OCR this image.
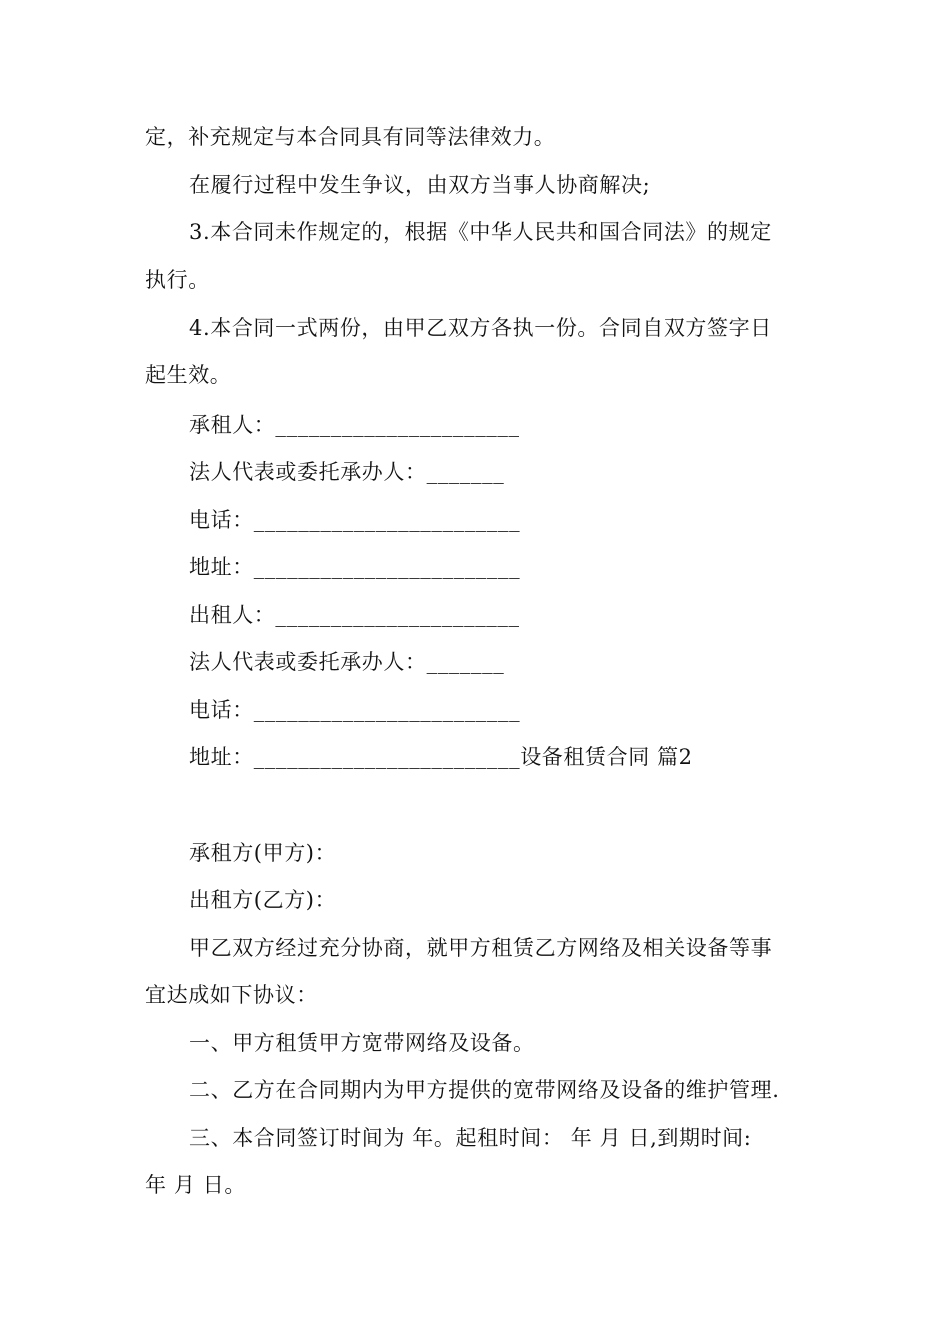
定，补充规定与本合同具有同等法律效力。
在履行过程中发生争议，由双方当事人协商解决;
3.本合同未作规定的，根据《中华人民共和国合同法》的规定
执行。
4.本合同一式两份，由甲乙双方各执一份。合同自双方签字日
起生效。
承租人：______________________
法人代表或委托承办人：_______
电话：________________________
地址：________________________
出租人：______________________
法人代表或委托承办人：_______
电话：________________________
地址：________________________设备租赁合同 篇2
承租方(甲方)：
出租方(乙方)：
甲乙双方经过充分协商，就甲方租赁乙方网络及相关设备等事
宜达成如下协议：
一、甲方租赁甲方宽带网络及设备。
二、乙方在合同期内为甲方提供的宽带网络及设备的维护管理.
三、本合同签订时间为 年。起租时间： 年 月 日,到期时间:
年 月 日。
